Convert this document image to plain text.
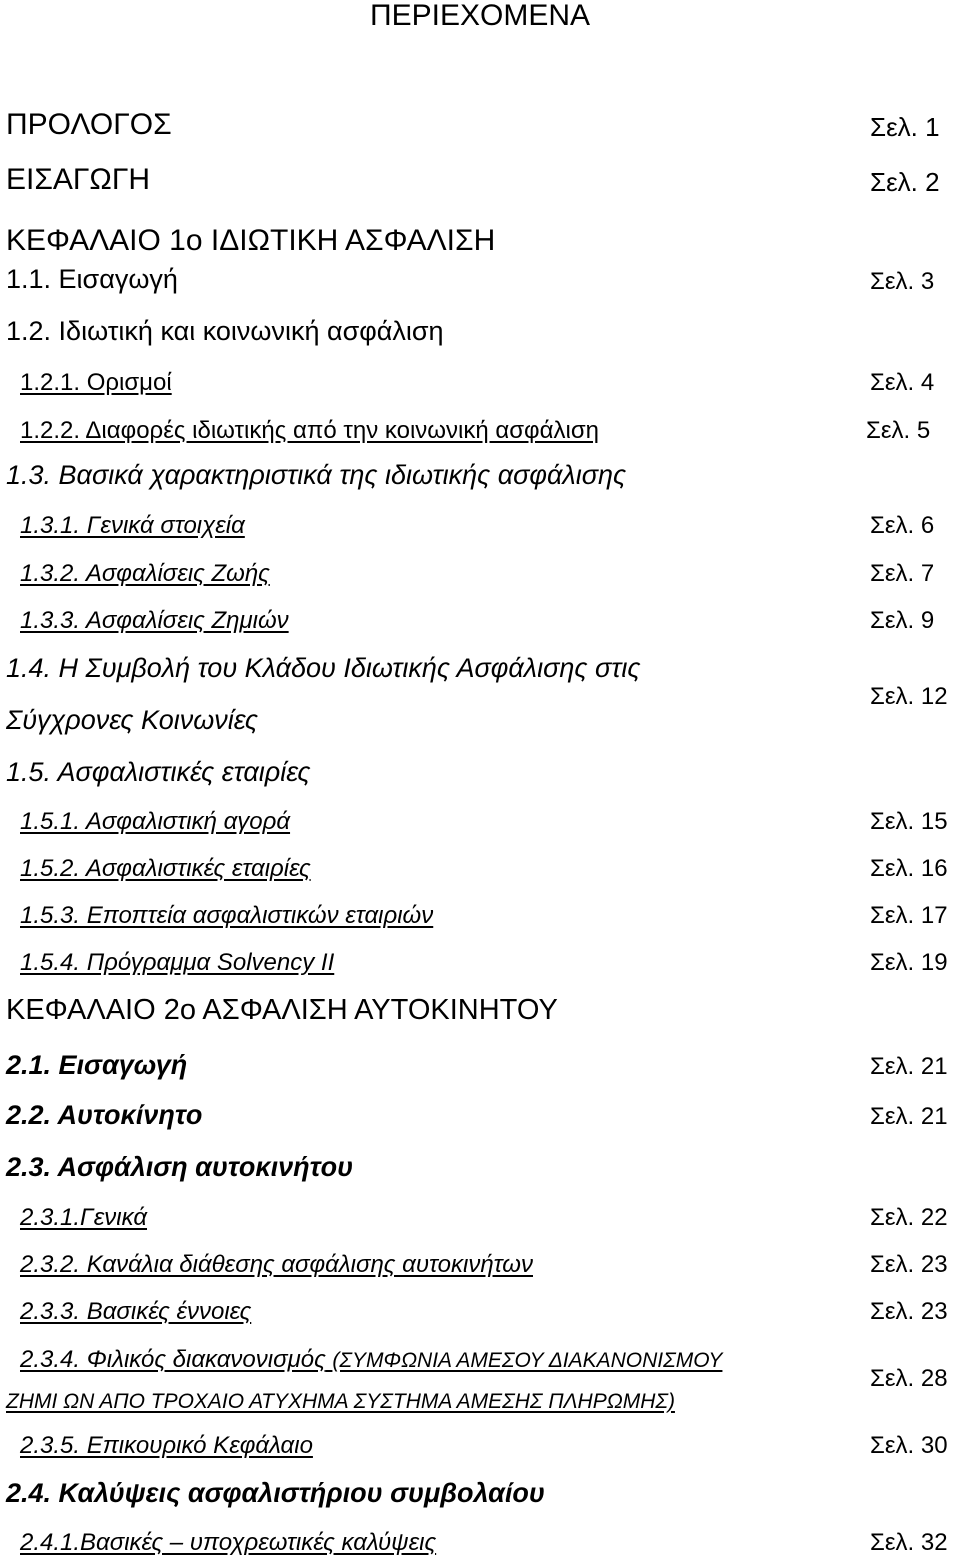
ΠΕΡΙΕΧΟΜΕΝΑ
ΠΡΟΛΟΓΟΣ	Σελ. 1
ΕΙΣΑΓΩΓΗ	Σελ. 2
ΚΕΦΑΛΑΙΟ 1ο ΙΔΙΩΤΙΚΗ ΑΣΦΑΛΙΣΗ
1.1. Εισαγωγή	Σελ. 3
1.2. Ιδιωτική και κοινωνική ασφάλιση
1.2.1. Ορισμοί	Σελ. 4
1.2.2. Διαφορές ιδιωτικής από την κοινωνική ασφάλιση	Σελ. 5
1.3. Βασικά χαρακτηριστικά της ιδιωτικής ασφάλισης
1.3.1. Γενικά στοιχεία	Σελ. 6
1.3.2. Ασφαλίσεις Ζωής	Σελ. 7
1.3.3. Ασφαλίσεις Ζημιών	Σελ. 9
1.4. Η Συμβολή του Κλάδου Ιδιωτικής Ασφάλισης στις
Σύγχρονες Κοινωνίες
Σελ. 12
1.5. Ασφαλιστικές εταιρίες
1.5.1. Ασφαλιστική αγορά	Σελ. 15
1.5.2. Ασφαλιστικές εταιρίες	Σελ. 16
1.5.3. Εποπτεία ασφαλιστικών εταιριών	Σελ. 17
1.5.4. Πρόγραμμα Solvency II	Σελ. 19
ΚΕΦΑΛΑΙΟ 2ο ΑΣΦΑΛΙΣΗ ΑΥΤΟΚΙΝΗΤΟΥ
2.1. Εισαγωγή	Σελ. 21
2.2. Αυτοκίνητο	Σελ. 21
2.3. Ασφάλιση αυτοκινήτου
2.3.1.Γενικά	Σελ. 22
2.3.2. Κανάλια διάθεσης ασφάλισης αυτοκινήτων	Σελ. 23
2.3.3. Βασικές έννοιες	Σελ. 23
2.3.4. Φιλικός διακανονισμός (ΣΥΜΦΩΝΙΑ ΑΜΕΣΟΥ ΔΙΑΚΑΝΟΝΙΣΜΟΥ
ΖΗΜΙ ΩΝ ΑΠΟ ΤΡΟΧΑΙΟ ΑΤΥΧΗΜΑ ΣΥΣΤΗΜΑ ΑΜΕΣΗΣ ΠΛΗΡΩΜΗΣ)
Σελ. 28
2.3.5. Επικουρικό Κεφάλαιο	Σελ. 30
2.4. Καλύψεις ασφαλιστήριου συμβολαίου
2.4.1.Βασικές – υποχρεωτικές καλύψεις	Σελ. 32
